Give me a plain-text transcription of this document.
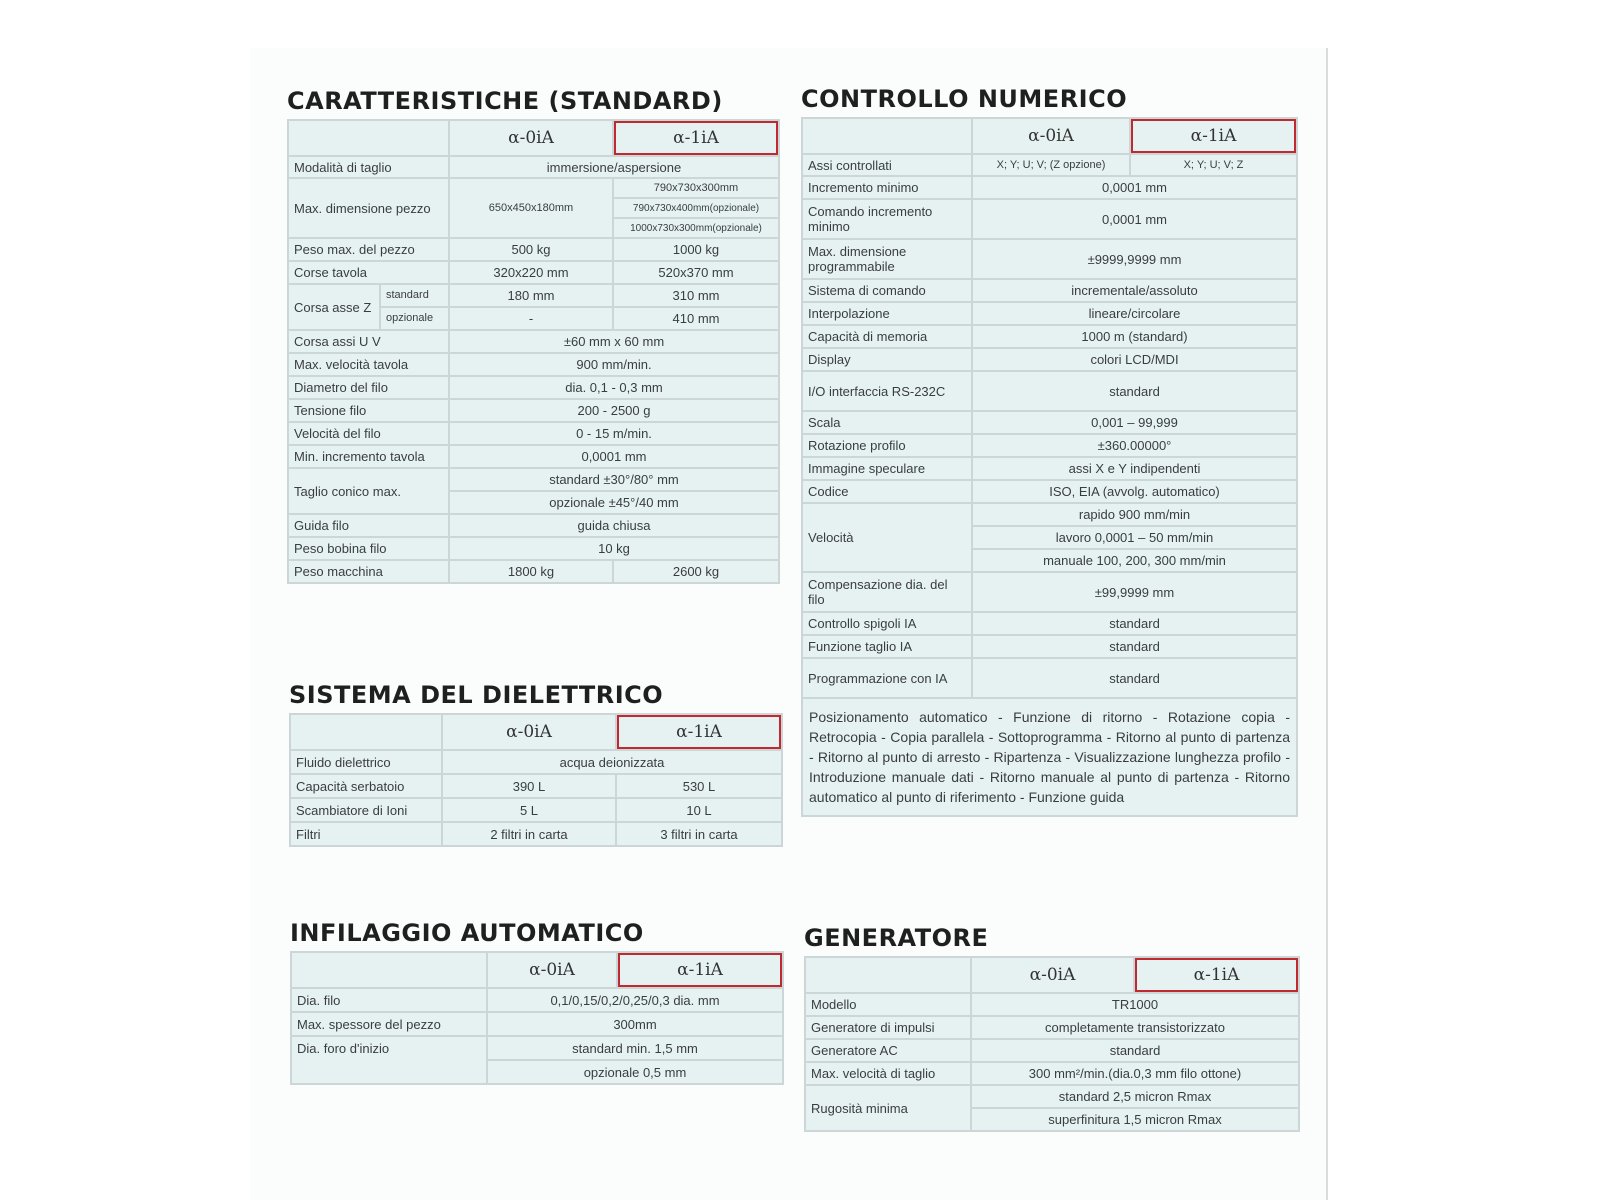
CARATTERISTICHE (STANDARD)
		α-0iA	α-1iA
Modalità di taglio		immersione/aspersione	
Max. dimensione pezzo		650x450x180mm	790x730x300mm
			790x730x400mm(opzionale)
			1000x730x300mm(opzionale)
Peso max. del pezzo		500 kg	1000 kg
Corse tavola		320x220 mm	520x370 mm
Corsa asse Z	standard	180 mm	310 mm
	opzionale	-	410 mm
Corsa assi U V		±60 mm x 60 mm	
Max. velocità tavola		900 mm/min.	
Diametro del filo		dia. 0,1 - 0,3 mm	
Tensione filo		200 - 2500 g	
Velocità del filo		0 - 15 m/min.	
Min. incremento tavola		0,0001 mm	
Taglio conico max.		standard ±30°/80° mm	
		opzionale ±45°/40 mm	
Guida filo		guida chiusa	
Peso bobina filo		10 kg	
Peso macchina		1800 kg	2600 kg
SISTEMA DEL DIELETTRICO
	α-0iA	α-1iA
Fluido dielettrico	acqua deionizzata	
Capacità serbatoio	390 L	530 L
Scambiatore di Ioni	5 L	10 L
Filtri	2 filtri in carta	3 filtri in carta
INFILAGGIO AUTOMATICO
	α-0iA	α-1iA
Dia. filo	0,1/0,15/0,2/0,25/0,3 dia. mm	
Max. spessore del pezzo	300mm	
Dia. foro d'inizio	standard min. 1,5 mm	
	opzionale 0,5 mm	
CONTROLLO NUMERICO
	α-0iA	α-1iA
Assi controllati	X; Y; U; V; (Z opzione)	X; Y; U; V; Z
Incremento minimo	0,0001 mm	
Comando incremento minimo	0,0001 mm	
Max. dimensione programmabile	±9999,9999 mm	
Sistema di comando	incrementale/assoluto	
Interpolazione	lineare/circolare	
Capacità di memoria	1000 m (standard)	
Display	colori LCD/MDI	
I/O interfaccia RS-232C	standard	
Scala	0,001 – 99,999	
Rotazione profilo	±360.00000°	
Immagine speculare	assi X e Y indipendenti	
Codice	ISO, EIA (avvolg. automatico)	
Velocità	rapido 900 mm/min	
	lavoro 0,0001 – 50 mm/min	
	manuale 100, 200, 300 mm/min	
Compensazione dia. del filo	±99,9999 mm	
Controllo spigoli IA	standard	
Funzione taglio IA	standard	
Programmazione con IA	standard	
Posizionamento automatico - Funzione di ritorno - Rotazione copia - Retrocopia - Copia parallela - Sottoprogramma - Ritorno al punto di partenza - Ritorno al punto di arresto - Ripartenza - Visualizzazione lunghezza profilo - Introduzione manuale dati - Ritorno manuale al punto di partenza - Ritorno automatico al punto di riferimento - Funzione guida		
GENERATORE
	α-0iA	α-1iA
Modello	TR1000	
Generatore di impulsi	completamente transistorizzato	
Generatore AC	standard	
Max. velocità di taglio	300 mm²/min.(dia.0,3 mm filo ottone)	
Rugosità minima	standard 2,5 micron Rmax	
	superfinitura 1,5 micron Rmax	
